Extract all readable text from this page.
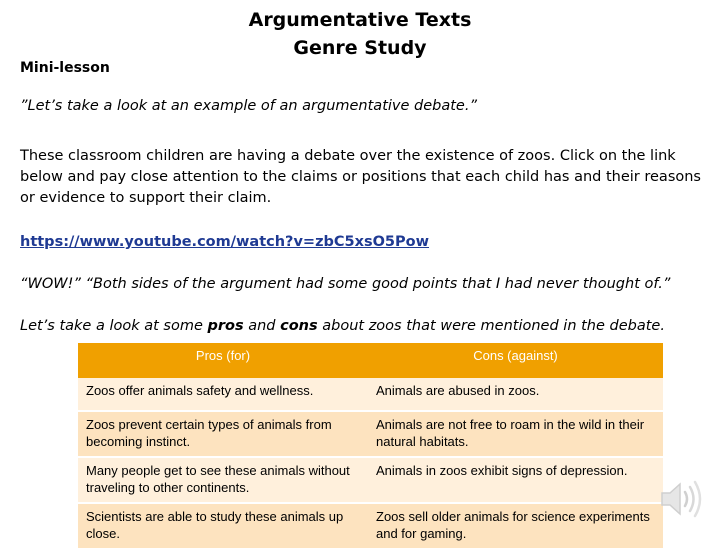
Argumentative Texts
Genre Study
Mini-lesson
”Let’s take a look at an example of an argumentative debate.”
These classroom children are having a debate over the existence of zoos. Click on the link below and pay close attention to the claims or positions that each child has and their reasons or evidence to support their claim.
https://www.youtube.com/watch?v=zbC5xsO5Pow
“WOW!” “Both sides of the argument had some good points that I had never thought of.”
Let’s take a look at some pros and cons about zoos that were mentioned in the debate.
Pros (for)	Cons (against)
Zoos offer animals safety and wellness.	Animals are abused in zoos.
Zoos prevent certain types of animals from becoming instinct.	Animals are not free to roam in the wild in their natural habitats.
Many people get to see these animals without traveling to other continents.	Animals in zoos exhibit signs of depression.
Scientists are able to study these animals up close.	Zoos sell older animals for science experiments and for gaming.
